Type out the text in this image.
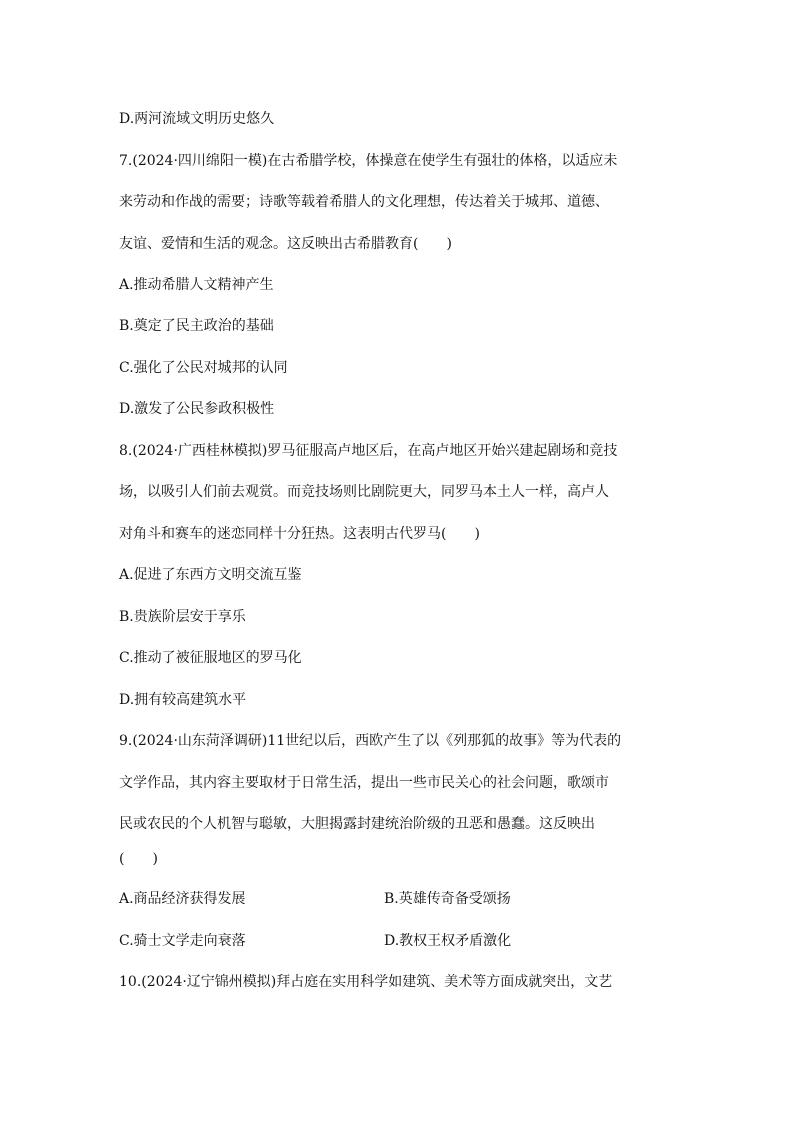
D.两河流域文明历史悠久
7.(2024·四川绵阳一模)在古希腊学校，体操意在使学生有强壮的体格，以适应未
来劳动和作战的需要；诗歌等载着希腊人的文化理想，传达着关于城邦、道德、
友谊、爱情和生活的观念。这反映出古希腊教育(　　)
A.推动希腊人文精神产生
B.奠定了民主政治的基础
C.强化了公民对城邦的认同
D.激发了公民参政积极性
8.(2024·广西桂林模拟)罗马征服高卢地区后，在高卢地区开始兴建起剧场和竞技
场，以吸引人们前去观赏。而竞技场则比剧院更大，同罗马本土人一样，高卢人
对角斗和赛车的迷恋同样十分狂热。这表明古代罗马(　　)
A.促进了东西方文明交流互鉴
B.贵族阶层安于享乐
C.推动了被征服地区的罗马化
D.拥有较高建筑水平
9.(2024·山东菏泽调研)11世纪以后，西欧产生了以《列那狐的故事》等为代表的
文学作品，其内容主要取材于日常生活，提出一些市民关心的社会问题，歌颂市
民或农民的个人机智与聪敏，大胆揭露封建统治阶级的丑恶和愚蠢。这反映出
(　　)
A.商品经济获得发展	B.英雄传奇备受颂扬
C.骑士文学走向衰落	D.教权王权矛盾激化
10.(2024·辽宁锦州模拟)拜占庭在实用科学如建筑、美术等方面成就突出，文艺
